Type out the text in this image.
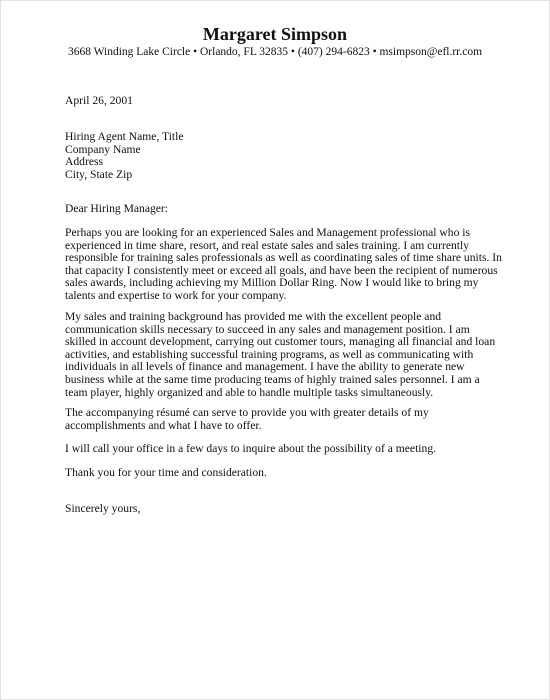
Margaret Simpson
3668 Winding Lake Circle • Orlando, FL 32835 • (407) 294-6823 • msimpson@efl.rr.com
April 26, 2001
Hiring Agent Name, Title
Company Name
Address
City, State Zip
Dear Hiring Manager:
Perhaps you are looking for an experienced Sales and Management professional who is
experienced in time share, resort, and real estate sales and sales training. I am currently
responsible for training sales professionals as well as coordinating sales of time share units. In
that capacity I consistently meet or exceed all goals, and have been the recipient of numerous
sales awards, including achieving my Million Dollar Ring. Now I would like to bring my
talents and expertise to work for your company.
My sales and training background has provided me with the excellent people and
communication skills necessary to succeed in any sales and management position. I am
skilled in account development, carrying out customer tours, managing all financial and loan
activities, and establishing successful training programs, as well as communicating with
individuals in all levels of finance and management. I have the ability to generate new
business while at the same time producing teams of highly trained sales personnel. I am a
team player, highly organized and able to handle multiple tasks simultaneously.
The accompanying résumé can serve to provide you with greater details of my
accomplishments and what I have to offer.
I will call your office in a few days to inquire about the possibility of a meeting.
Thank you for your time and consideration.
Sincerely yours,
